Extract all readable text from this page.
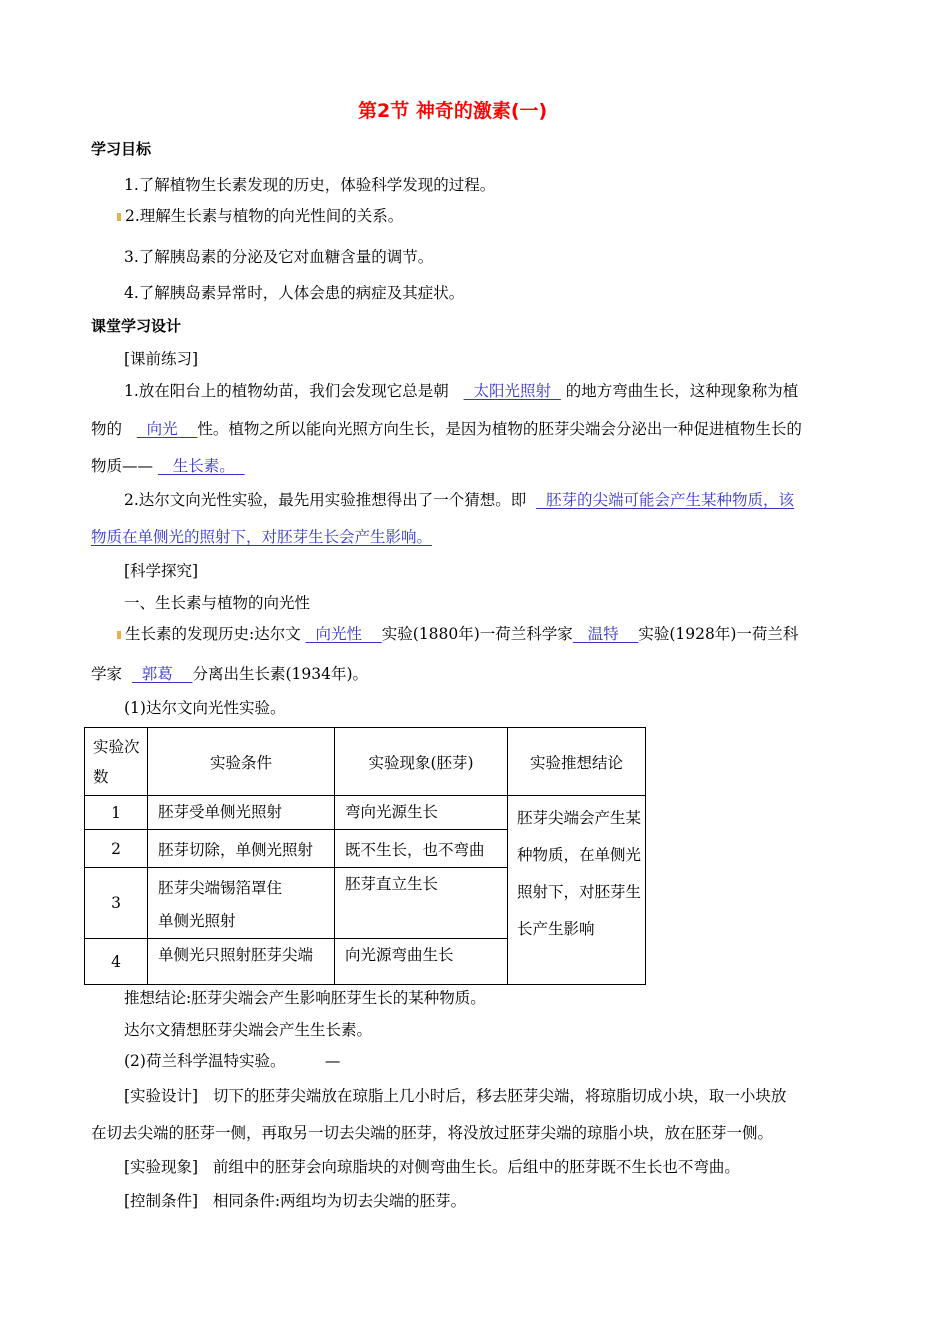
第2节 神奇的激素(一)
学习目标
1.了解植物生长素发现的历史，体验科学发现的过程。
2.理解生长素与植物的向光性间的关系。
3.了解胰岛素的分泌及它对血糖含量的调节。
4.了解胰岛素异常时，人体会患的病症及其症状。
课堂学习设计
[课前练习]
1.放在阳台上的植物幼苗，我们会发现它总是朝 太阳光照射 的地方弯曲生长，这种现象称为植
物的 向光 性。植物之所以能向光照方向生长，是因为植物的胚芽尖端会分泌出一种促进植物生长的
物质—— 生长素。
2.达尔文向光性实验，最先用实验推想得出了一个猜想。即 胚芽的尖端可能会产生某种物质，该
物质在单侧光的照射下，对胚芽生长会产生影响。
[科学探究]
一、生长素与植物的向光性
生长素的发现历史:达尔文 向光性 实验(1880年)一荷兰科学家 温特 实验(1928年)一荷兰科
学家 郭葛 分离出生长素(1934年)。
(1)达尔文向光性实验。
实验次数	实验条件	实验现象(胚芽)	实验推想结论
1	胚芽受单侧光照射	弯向光源生长	胚芽尖端会产生某种物质，在单侧光照射下，对胚芽生长产生影响
2	胚芽切除，单侧光照射	既不生长，也不弯曲	
3	胚芽尖端锡箔罩住单侧光照射	胚芽直立生长	
4	单侧光只照射胚芽尖端	向光源弯曲生长	
推想结论:胚芽尖端会产生影响胚芽生长的某种物质。
达尔文猜想胚芽尖端会产生生长素。
(2)荷兰科学温特实验。	—
[实验设计] 切下的胚芽尖端放在琼脂上几小时后，移去胚芽尖端，将琼脂切成小块，取一小块放
在切去尖端的胚芽一侧，再取另一切去尖端的胚芽，将没放过胚芽尖端的琼脂小块，放在胚芽一侧。
[实验现象] 前组中的胚芽会向琼脂块的对侧弯曲生长。后组中的胚芽既不生长也不弯曲。
[控制条件] 相同条件:两组均为切去尖端的胚芽。
